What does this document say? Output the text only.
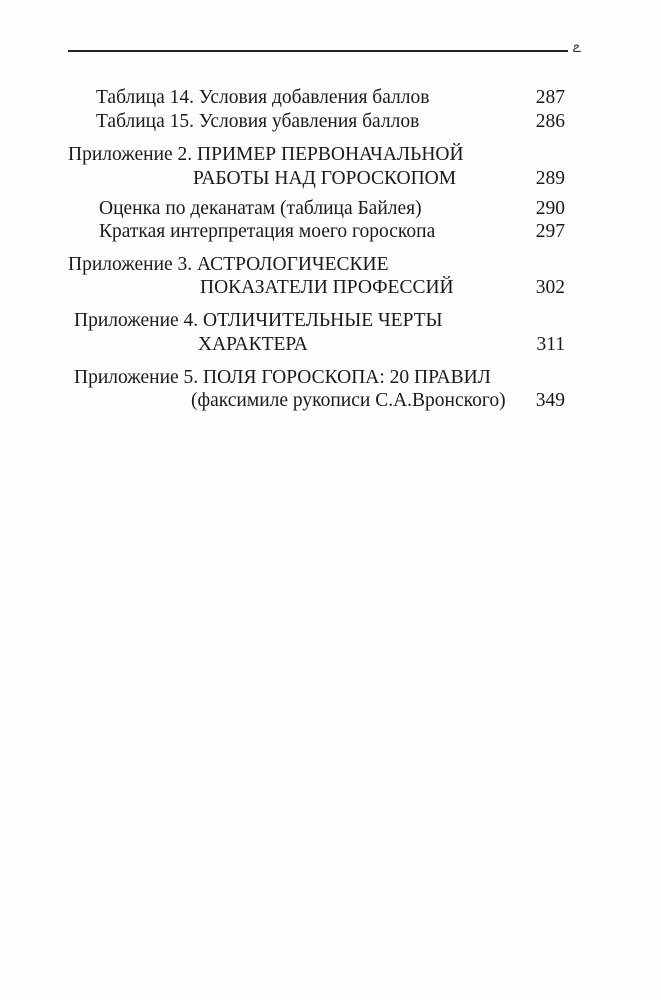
ఽ
Таблица 14. Условия добавления баллов	287
Таблица 15. Условия убавления баллов	286
Приложение 2. ПРИМЕР ПЕРВОНАЧАЛЬНОЙ
РАБОТЫ НАД ГОРОСКОПОМ	289
Оценка по деканатам (таблица Байлея)	290
Краткая интерпретация моего гороскопа	297
Приложение 3. АСТРОЛОГИЧЕСКИЕ
ПОКАЗАТЕЛИ ПРОФЕССИЙ	302
Приложение 4. ОТЛИЧИТЕЛЬНЫЕ ЧЕРТЫ
ХАРАКТЕРА	311
Приложение 5. ПОЛЯ ГОРОСКОПА: 20 ПРАВИЛ
(факсимиле рукописи С.А.Вронского) 349
